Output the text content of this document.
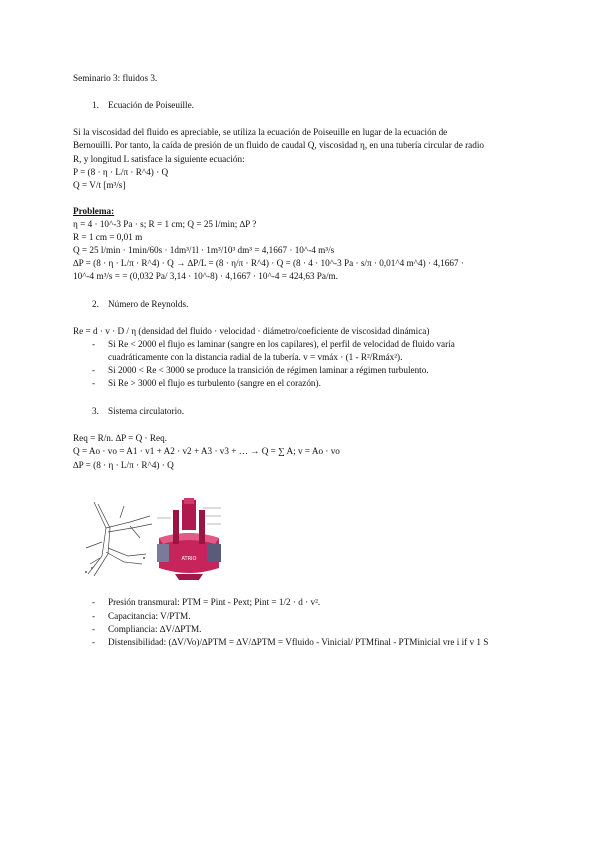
Seminario 3: fluidos 3.
1. Ecuación de Poiseuille.
Si la viscosidad del fluido es apreciable, se utiliza la ecuación de Poiseuille en lugar de la ecuación de
Bernouilli. Por tanto, la caída de presión de un fluido de caudal Q, viscosidad η, en una tubería circular de radio
R, y longitud L satisface la siguiente ecuación:
P = (8 · η · L/π · R^4) · Q
Q = V/t [m³/s]
Problema:
η = 4 · 10^-3 Pa · s; R = 1 cm; Q = 25 l/min; ∆P ?
R = 1 cm = 0,01 m
Q = 25 l/min · 1min/60s · 1dm³/1l · 1m³/10³ dm³ = 4,1667 · 10^-4 m³/s
∆P = (8 · η · L/π · R^4) · Q → ∆P/L = (8 · η/π · R^4) · Q = (8 · 4 · 10^-3 Pa · s/π · 0,01^4 m^4) · 4,1667 ·
10^-4 m³/s = = (0,032 Pa/ 3,14 · 10^-8) · 4,1667 · 10^-4 = 424,63 Pa/m.
2. Número de Reynolds.
Re = d · v · D / η (densidad del fluido · velocidad · diámetro/coeficiente de viscosidad dinámica)
- Si Re < 2000 el flujo es laminar (sangre en los capilares), el perfil de velocidad de fluido varía
cuadráticamente con la distancia radial de la tubería. v = vmáx · (1 - R²/Rmáx²).
- Si 2000 < Re < 3000 se produce la transición de régimen laminar a régimen turbulento.
- Si Re > 3000 el flujo es turbulento (sangre en el corazón).
3. Sistema circulatorio.
Req = R/n. ∆P = Q · Req.
Q = Ao · vo = A1 · v1 + A2 · v2 + A3 · v3 + … → Q = ∑ A; v = Ao · vo
∆P = (8 · η · L/π · R^4) · Q
ATRIO
- Presión transmural: PTM = Pint - Pext; Pint = 1/2 · d · v².
- Capacitancia: V/PTM.
- Compliancia: ∆V/∆PTM.
- Distensibilidad: (∆V/Vo)/∆PTM = ∆V/∆PTM = Vfluido - Vinicial/ PTMfinal - PTMinicial vre i if v 1 S
